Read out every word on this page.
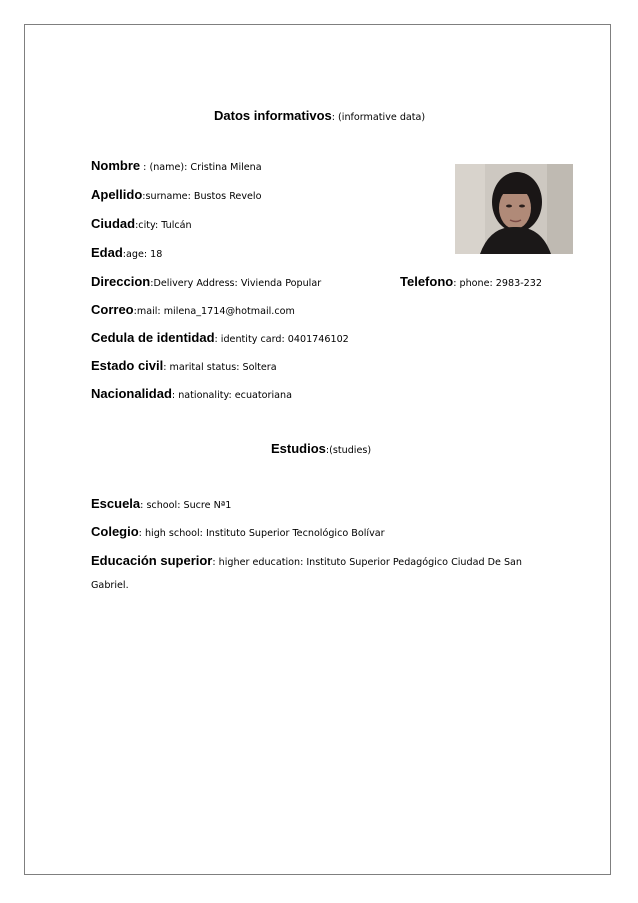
Datos informativos: (informative data)
Nombre : (name): Cristina Milena
Apellido:surname: Bustos Revelo
Ciudad:city: Tulcán
Edad:age: 18
Direccion:Delivery Address: Vivienda Popular	Telefono: phone: 2983-232
Correo:mail: milena_1714@hotmail.com
Cedula de identidad: identity card: 0401746102
Estado civil: marital status: Soltera
Nacionalidad: nationality: ecuatoriana
Estudios:(studies)
Escuela: school: Sucre Nª1
Colegio: high school: Instituto Superior Tecnológico Bolívar
Educación superior: higher education: Instituto Superior Pedagógico Ciudad De San Gabriel.
